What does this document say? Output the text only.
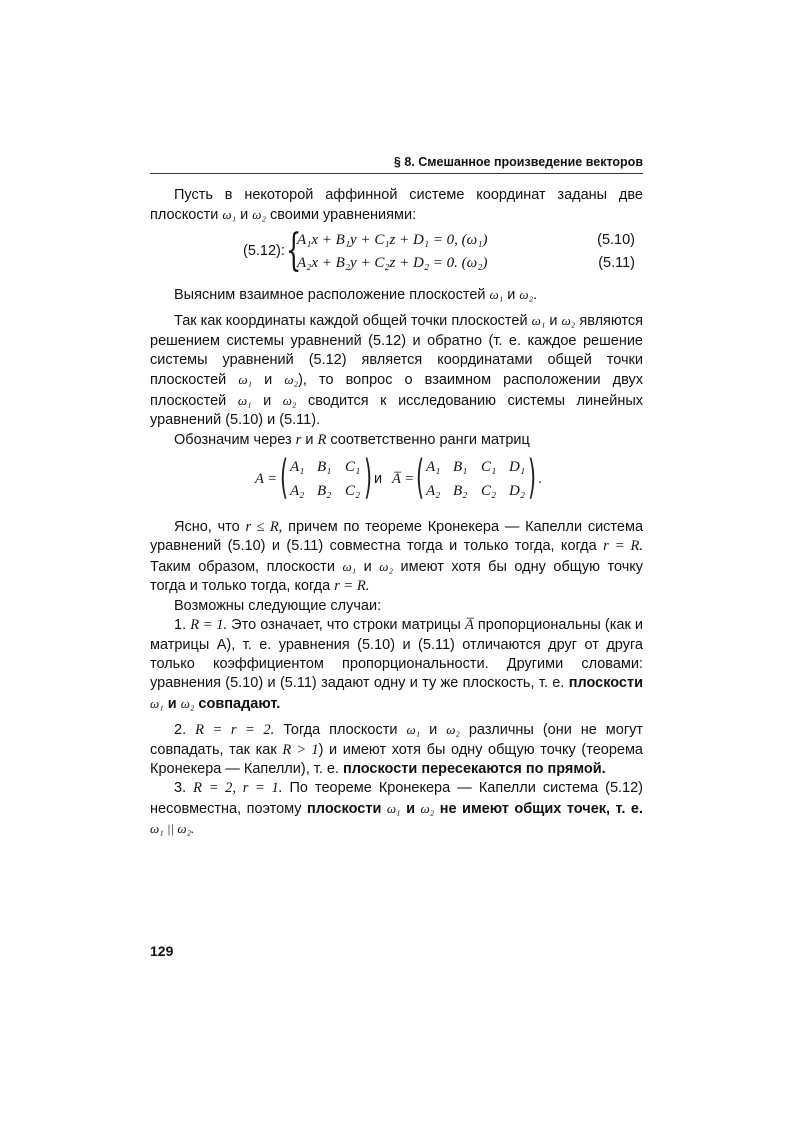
§ 8. Смешанное произведение векторов

Пусть в некоторой аффинной системе координат заданы две плоскости ω₁ и ω₂ своими уравнениями:

(5.12): {
A₁x + B₁y + C₁z + D₁ = 0, (ω₁)
A₂x + B₂y + C₂z + D₂ = 0. (ω₂)
(5.10)
(5.11)

Выясним взаимное расположение плоскостей ω₁ и ω₂.

Так как координаты каждой общей точки плоскостей ω₁ и ω₂ являются решением системы уравнений (5.12) и обратно (т. е. каждое решение системы уравнений (5.12) является координатами общей точки плоскостей ω₁ и ω₂), то вопрос о взаимном расположении двух плоскостей ω₁ и ω₂ сводится к исследованию системы линейных уравнений (5.10) и (5.11).

Обозначим через r и R соответственно ранги матриц

A = ( A₁ B₁ C₁
A₂ B₂ C₂ ) и A̅ = ( A₁ B₁ C₁ D₁
A₂ B₂ C₂ D₂ ) .

Ясно, что r ≤ R, причем по теореме Кронекера — Капелли система уравнений (5.10) и (5.11) совместна тогда и только тогда, когда r = R. Таким образом, плоскости ω₁ и ω₂ имеют хотя бы одну общую точку тогда и только тогда, когда r = R.

Возможны следующие случаи:

1. R = 1. Это означает, что строки матрицы A̅ пропорциональны (как и матрицы A), т. е. уравнения (5.10) и (5.11) отличаются друг от друга только коэффициентом пропорциональности. Другими словами: уравнения (5.10) и (5.11) задают одну и ту же плоскость, т. е. плоскости ω₁ и ω₂ совпадают.

2. R = r = 2. Тогда плоскости ω₁ и ω₂ различны (они не могут совпадать, так как R > 1) и имеют хотя бы одну общую точку (теорема Кронекера — Капелли), т. е. плоскости пересекаются по прямой.

3. R = 2, r = 1. По теореме Кронекера — Капелли система (5.12) несовместна, поэтому плоскости ω₁ и ω₂ не имеют общих точек, т. е. ω₁ || ω₂.

129
